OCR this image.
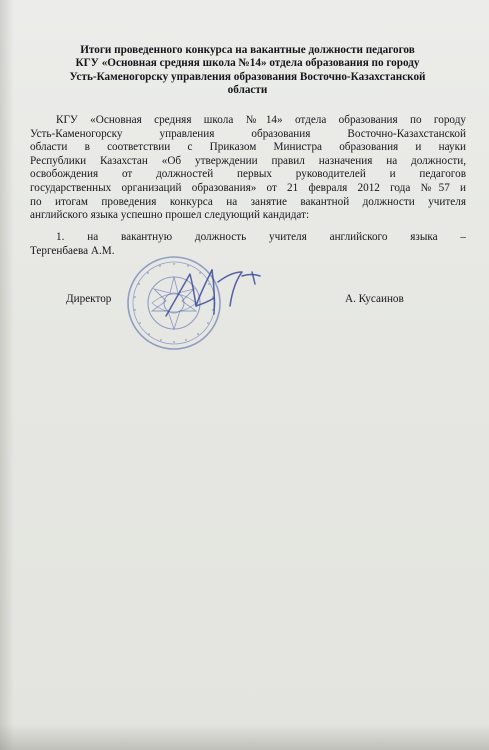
Итоги проведенного конкурса на вакантные должности педагогов
КГУ «Основная средняя школа №14» отдела образования по городу
Усть-Каменогорску управления образования Восточно-Казахстанской
области
КГУ «Основная средняя школа №14» отдела образования по городу
Усть-Каменогорску управления образования Восточно-Казахстанской
области в соответствии с Приказом Министра образования и науки
Республики Казахстан «Об утверждении правил назначения на должности,
освобождения от должностей первых руководителей и педагогов
государственных организаций образования» от 21 февраля 2012 года №57 и
по итогам проведения конкурса на занятие вакантной должности учителя
английского языка успешно прошел следующий кандидат:
1. на вакантную должность учителя английского языка –
Тергенбаева А.М.
Директор	А. Кусаинов
